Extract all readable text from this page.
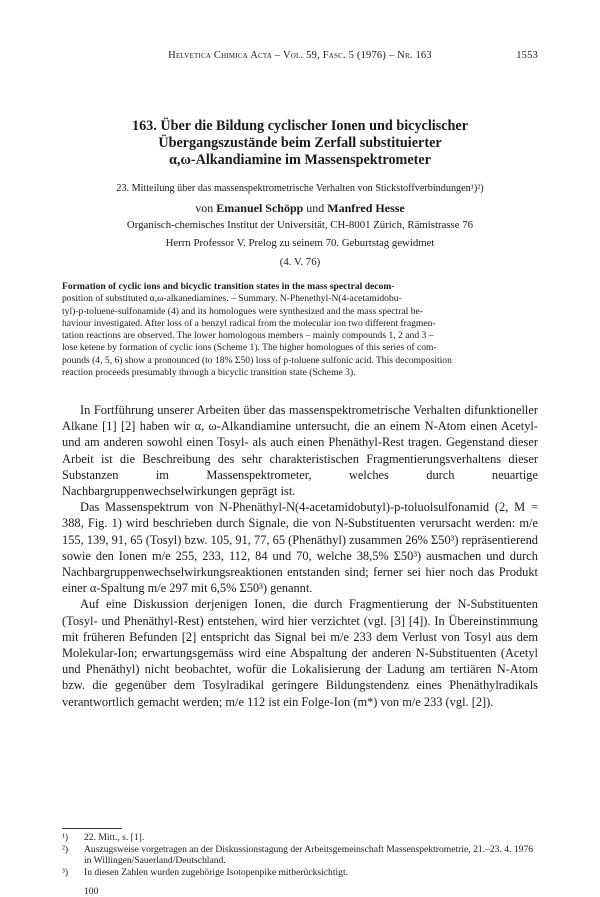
Helvetica Chimica Acta – Vol. 59, Fasc. 5 (1976) – Nr. 163	1553
163. Über die Bildung cyclischer Ionen und bicyclischer
Übergangszustände beim Zerfall substituierter
α,ω-Alkandiamine im Massenspektrometer
23. Mitteilung über das massenspektrometrische Verhalten von Stickstoffverbindungen¹)²)
von Emanuel Schöpp und Manfred Hesse
Organisch-chemisches Institut der Universität, CH-8001 Zürich, Rämistrasse 76
Herrn Professor V. Prelog zu seinem 70. Geburtstag gewidmet
(4. V. 76)
Formation of cyclic ions and bicyclic transition states in the mass spectral decom-
position of substituted α,ω-alkanediamines. – Summary. N-Phenethyl-N(4-acetamidobu-
tyl)-p-toluene-sulfonamide (4) and its homologues were synthesized and the mass spectral be-
haviour investigated. After loss of a benzyl radical from the molecular ion two different fragmen-
tation reactions are observed. The lower homologous members – mainly compounds 1, 2 and 3 –
lose ketene by formation of cyclic ions (Scheme 1). The higher homologues of this series of com-
pounds (4, 5, 6) show a pronounced (to 18% Σ50) loss of p-toluene sulfonic acid. This decomposition
reaction proceeds presumably through a bicyclic transition state (Scheme 3).

In Fortführung unserer Arbeiten über das massenspektrometrische Verhalten difunktioneller Alkane [1] [2] haben wir α, ω-Alkandiamine untersucht, die an einem N-Atom einen Acetyl- und am anderen sowohl einen Tosyl- als auch einen Phenäthyl-Rest tragen. Gegenstand dieser Arbeit ist die Beschreibung des sehr charakteristischen Fragmentierungsverhaltens dieser Substanzen im Massenspektrometer, welches durch neuartige Nachbargruppenwechselwirkungen geprägt ist.

Das Massenspektrum von N-Phenäthyl-N(4-acetamidobutyl)-p-toluolsulfonamid (2, M = 388, Fig. 1) wird beschrieben durch Signale, die von N-Substituenten verursacht werden: m/e 155, 139, 91, 65 (Tosyl) bzw. 105, 91, 77, 65 (Phenäthyl) zusammen 26% Σ50³) repräsentierend sowie den Ionen m/e 255, 233, 112, 84 und 70, welche 38,5% Σ50³) ausmachen und durch Nachbargruppenwechselwirkungsreaktionen entstanden sind; ferner sei hier noch das Produkt einer α-Spaltung m/e 297 mit 6,5% Σ50³) genannt.

Auf eine Diskussion derjenigen Ionen, die durch Fragmentierung der N-Substituenten (Tosyl- und Phenäthyl-Rest) entstehen, wird hier verzichtet (vgl. [3] [4]). In Übereinstimmung mit früheren Befunden [2] entspricht das Signal bei m/e 233 dem Verlust von Tosyl aus dem Molekular-Ion; erwartungsgemäss wird eine Abspaltung der anderen N-Substituenten (Acetyl und Phenäthyl) nicht beobachtet, wofür die Lokalisierung der Ladung am tertiären N-Atom bzw. die gegenüber dem Tosylradikal geringere Bildungstendenz eines Phenäthylradikals verantwortlich gemacht werden; m/e 112 ist ein Folge-Ion (m*) von m/e 233 (vgl. [2]).

¹)	22. Mitt., s. [1].
²)	Auszugsweise vorgetragen an der Diskussionstagung der Arbeitsgemeinschaft Massenspektrometrie, 21.–23. 4. 1976 in Willingen/Sauerland/Deutschland.
³)	In diesen Zahlen wurden zugehörige Isotopenpike mitberücksichtigt.
100
